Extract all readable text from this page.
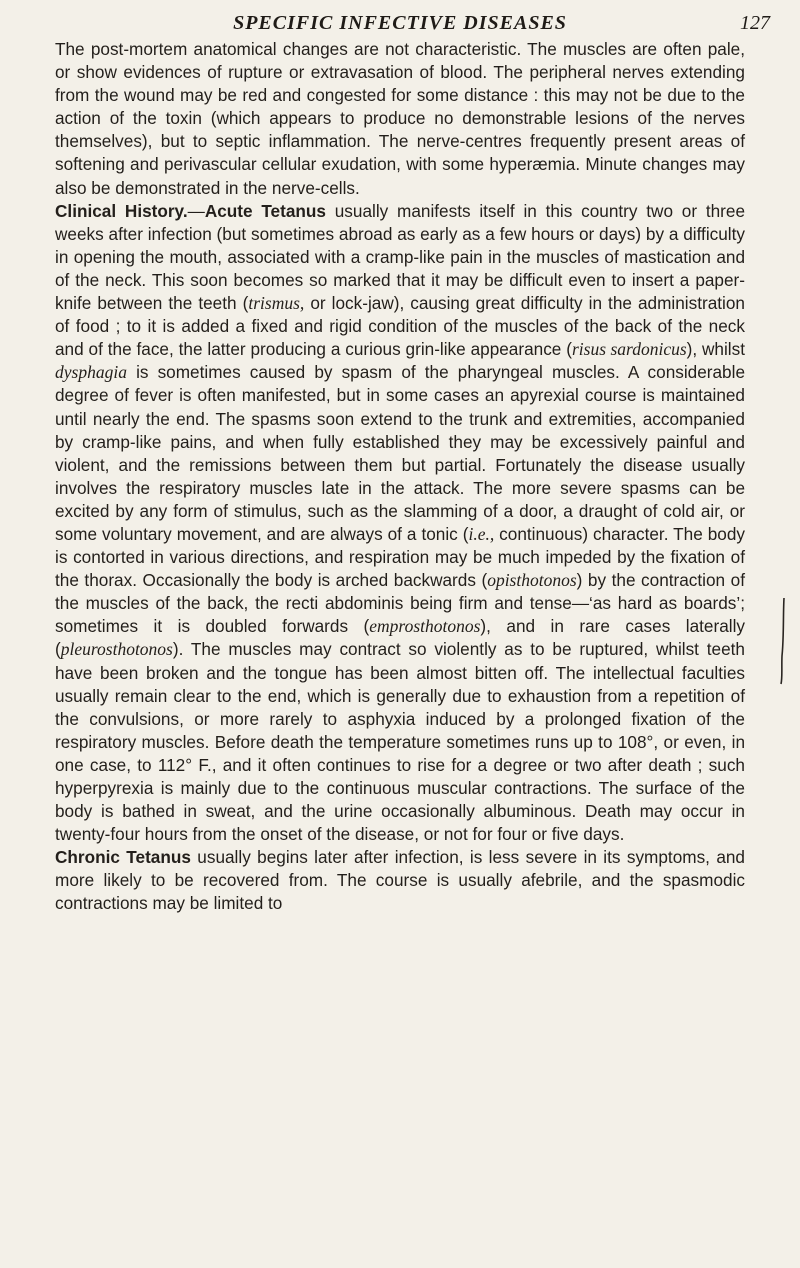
SPECIFIC INFECTIVE DISEASES	127

The post-mortem anatomical changes are not characteristic. The muscles are often pale, or show evidences of rupture or extravasation of blood. The peripheral nerves extending from the wound may be red and congested for some distance : this may not be due to the action of the toxin (which appears to produce no demonstrable lesions of the nerves themselves), but to septic inflammation. The nerve-centres frequently present areas of softening and perivascular cellular exudation, with some hyperæmia. Minute changes may also be demonstrated in the nerve-cells.

Clinical History.—Acute Tetanus usually manifests itself in this country two or three weeks after infection (but sometimes abroad as early as a few hours or days) by a difficulty in opening the mouth, associated with a cramp-like pain in the muscles of mastication and of the neck. This soon becomes so marked that it may be difficult even to insert a paper-knife between the teeth (trismus, or lock-jaw), causing great difficulty in the administration of food ; to it is added a fixed and rigid condition of the muscles of the back of the neck and of the face, the latter producing a curious grin-like appearance (risus sardonicus), whilst dysphagia is sometimes caused by spasm of the pharyngeal muscles. A considerable degree of fever is often manifested, but in some cases an apyrexial course is maintained until nearly the end. The spasms soon extend to the trunk and extremities, accompanied by cramp-like pains, and when fully established they may be excessively painful and violent, and the remissions between them but partial. Fortunately the disease usually involves the respiratory muscles late in the attack. The more severe spasms can be excited by any form of stimulus, such as the slamming of a door, a draught of cold air, or some voluntary movement, and are always of a tonic (i.e., continuous) character. The body is contorted in various directions, and respiration may be much impeded by the fixation of the thorax. Occasionally the body is arched backwards (opisthotonos) by the contraction of the muscles of the back, the recti abdominis being firm and tense—‘as hard as boards’; sometimes it is doubled forwards (emprosthotonos), and in rare cases laterally (pleurosthotonos). The muscles may contract so violently as to be ruptured, whilst teeth have been broken and the tongue has been almost bitten off. The intellectual faculties usually remain clear to the end, which is generally due to exhaustion from a repetition of the convulsions, or more rarely to asphyxia induced by a prolonged fixation of the respiratory muscles. Before death the temperature sometimes runs up to 108°, or even, in one case, to 112° F., and it often continues to rise for a degree or two after death ; such hyperpyrexia is mainly due to the continuous muscular contractions. The surface of the body is bathed in sweat, and the urine occasionally albuminous. Death may occur in twenty-four hours from the onset of the disease, or not for four or five days.

Chronic Tetanus usually begins later after infection, is less severe in its symptoms, and more likely to be recovered from. The course is usually afebrile, and the spasmodic contractions may be limited to
